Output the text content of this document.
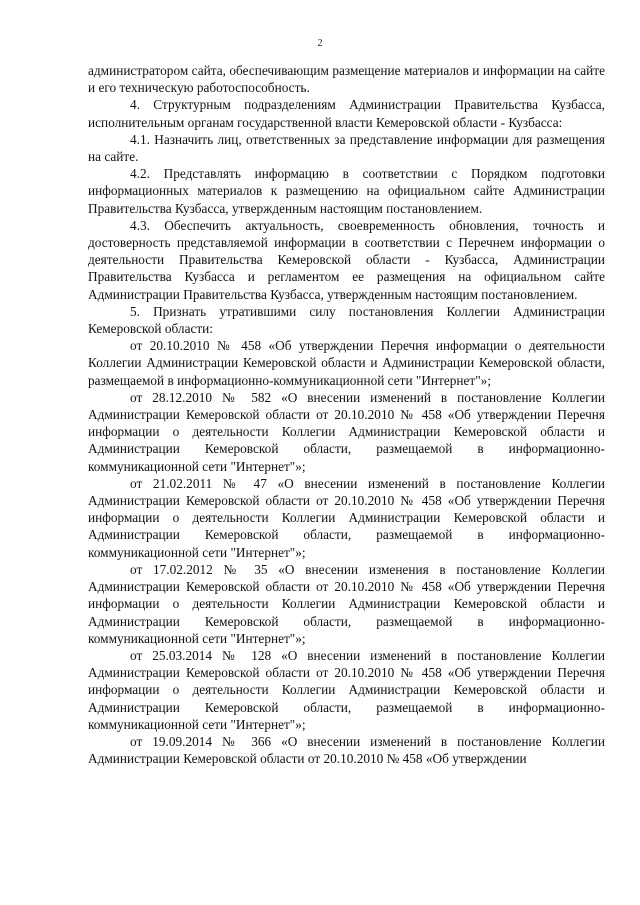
2

администратором сайта, обеспечивающим размещение материалов и информации на сайте и его техническую работоспособность.

4. Структурным подразделениям Администрации Правительства Кузбасса, исполнительным органам государственной власти Кемеровской области - Кузбасса:

4.1. Назначить лиц, ответственных за представление информации для размещения на сайте.

4.2. Представлять информацию в соответствии с Порядком подготовки информационных материалов к размещению на официальном сайте Администрации Правительства Кузбасса, утвержденным настоящим постановлением.

4.3. Обеспечить актуальность, своевременность обновления, точность и достоверность представляемой информации в соответствии с Перечнем информации о деятельности Правительства Кемеровской области - Кузбасса, Администрации Правительства Кузбасса и регламентом ее размещения на официальном сайте Администрации Правительства Кузбасса, утвержденным настоящим постановлением.

5. Признать утратившими силу постановления Коллегии Администрации Кемеровской области:

от 20.10.2010 № 458 «Об утверждении Перечня информации о деятельности Коллегии Администрации Кемеровской области и Администрации Кемеровской области, размещаемой в информационно-коммуникационной сети "Интернет"»;

от 28.12.2010 № 582 «О внесении изменений в постановление Коллегии Администрации Кемеровской области от 20.10.2010 № 458 «Об утверждении Перечня информации о деятельности Коллегии Администрации Кемеровской области и Администрации Кемеровской области, размещаемой в информационно-коммуникационной сети "Интернет"»;

от 21.02.2011 № 47 «О внесении изменений в постановление Коллегии Администрации Кемеровской области от 20.10.2010 № 458 «Об утверждении Перечня информации о деятельности Коллегии Администрации Кемеровской области и Администрации Кемеровской области, размещаемой в информационно-коммуникационной сети "Интернет"»;

от 17.02.2012 № 35 «О внесении изменения в постановление Коллегии Администрации Кемеровской области от 20.10.2010 № 458 «Об утверждении Перечня информации о деятельности Коллегии Администрации Кемеровской области и Администрации Кемеровской области, размещаемой в информационно-коммуникационной сети "Интернет"»;

от 25.03.2014 № 128 «О внесении изменений в постановление Коллегии Администрации Кемеровской области от 20.10.2010 № 458 «Об утверждении Перечня информации о деятельности Коллегии Администрации Кемеровской области и Администрации Кемеровской области, размещаемой в информационно-коммуникационной сети "Интернет"»;

от 19.09.2014 № 366 «О внесении изменений в постановление Коллегии Администрации Кемеровской области от 20.10.2010 № 458 «Об утверждении
